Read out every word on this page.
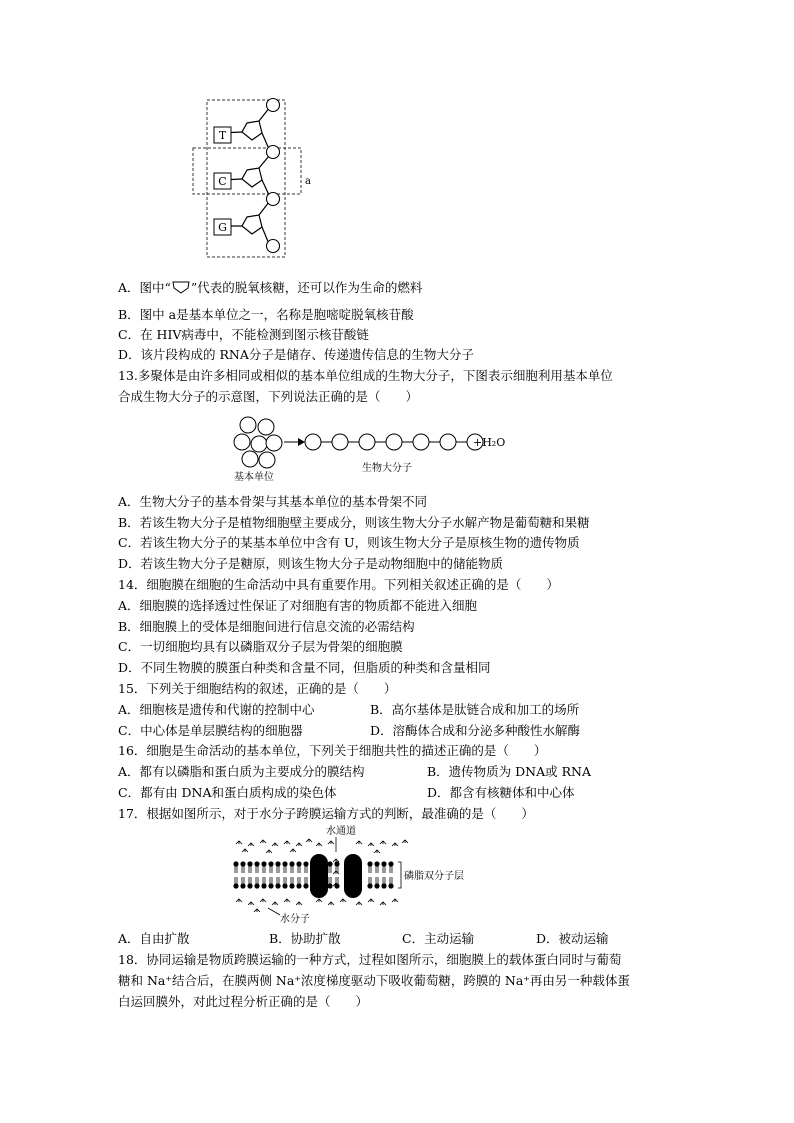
T
C
G
a
A．图中“ ”代表的脱氧核糖，还可以作为生命的燃料
B．图中 a是基本单位之一，名称是胞嘧啶脱氧核苷酸
C．在 HIV病毒中，不能检测到图示核苷酸链
D．该片段构成的 RNA分子是储存、传递遗传信息的生物大分子
13.多聚体是由许多相同或相似的基本单位组成的生物大分子，下图表示细胞利用基本单位
合成生物大分子的示意图，下列说法正确的是（　　）
+H₂O
基本单位
生物大分子
A．生物大分子的基本骨架与其基本单位的基本骨架不同
B．若该生物大分子是植物细胞壁主要成分，则该生物大分子水解产物是葡萄糖和果糖
C．若该生物大分子的某基本单位中含有 U，则该生物大分子是原核生物的遗传物质
D．若该生物大分子是糖原，则该生物大分子是动物细胞中的储能物质
14．细胞膜在细胞的生命活动中具有重要作用。下列相关叙述正确的是（　　）
A．细胞膜的选择透过性保证了对细胞有害的物质都不能进入细胞
B．细胞膜上的受体是细胞间进行信息交流的必需结构
C．一切细胞均具有以磷脂双分子层为骨架的细胞膜
D．不同生物膜的膜蛋白种类和含量不同，但脂质的种类和含量相同
15．下列关于细胞结构的叙述，正确的是（　　）
A．细胞核是遗传和代谢的控制中心	B．高尔基体是肽链合成和加工的场所
C．中心体是单层膜结构的细胞器	D．溶酶体合成和分泌多种酸性水解酶
16．细胞是生命活动的基本单位，下列关于细胞共性的描述正确的是（　　）
A．都有以磷脂和蛋白质为主要成分的膜结构	B．遗传物质为 DNA或 RNA
C．都有由 DNA和蛋白质构成的染色体	D．都含有核糖体和中心体
17．根据如图所示，对于水分子跨膜运输方式的判断，最准确的是（　　）
水通道
磷脂双分子层
水分子
A．自由扩散	B．协助扩散	C．主动运输	D．被动运输
18．协同运输是物质跨膜运输的一种方式，过程如图所示，细胞膜上的载体蛋白同时与葡萄
糖和 Na⁺结合后，在膜两侧 Na⁺浓度梯度驱动下吸收葡萄糖，跨膜的 Na⁺再由另一种载体蛋
白运回膜外，对此过程分析正确的是（　　）
